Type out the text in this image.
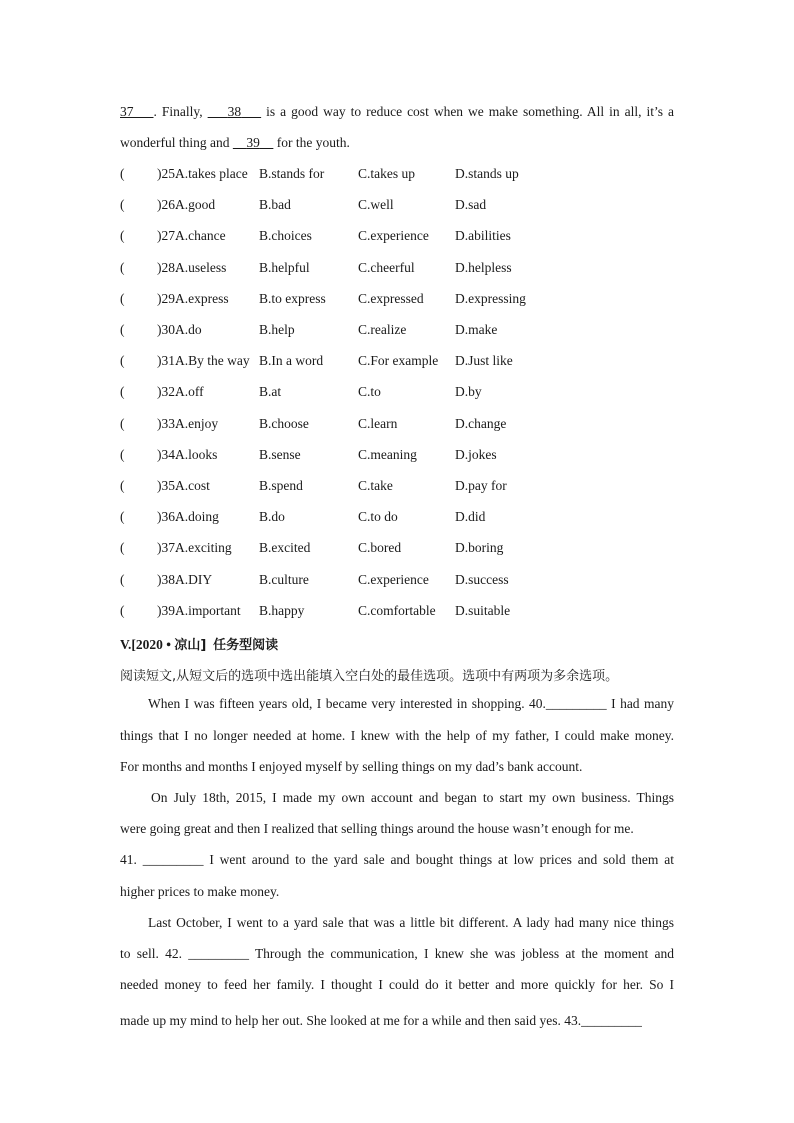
37 . Finally,     38     is a good way to reduce cost when we make something. All in all, it’s a
wonderful thing and     39     for the youth.
( )25.
A.takes place B.stands for	C.takes up	D.stands up
( )26.
A.good	B.bad	C.well	D.sad
( )27.
A.chance B.choices	C.experience D.abilities
( )28.
A.useless B.helpful	C.cheerful	D.helpless
( )29.
A.express B.to express C.expressed D.expressing
( )30.
A.do	B.help	C.realize	D.make
( )31.
A.By the way B.In a word	C.For example D.Just like
( )32.
A.off	B.at	C.to	D.by
( )33.
A.enjoy	B.choose	C.learn	D.change
( )34.
A.looks	B.sense	C.meaning	D.jokes
( )35.
A.cost	B.spend	C.take	D.pay for
( )36.
A.doing	B.do	C.to do	D.did
( )37.
A.exciting B.excited	C.bored	D.boring
( )38.
A.DIY	B.culture	C.experience D.success
( )39.
A.important B.happy	C.comfortable D.suitable
V.[2020 • 凉山] 任务型阅读
阅读短文,从短文后的选项中选出能填入空白处的最佳选项。选项中有两项为多余选项。
When I was fifteen years old, I became very interested in shopping. 40._________ I had many
things that I no longer needed at home. I knew with the help of my father, I could make money.
For months and months I enjoyed myself by selling things on my dad’s bank account.
On July 18th, 2015, I made my own account and began to start my own business. Things
were going great and then I realized that selling things around the house wasn’t enough for me.
41. _________ I went around to the yard sale and bought things at low prices and sold them at
higher prices to make money.
Last October, I went to a yard sale that was a little bit different. A lady had many nice things
to sell. 42. _________ Through the communication, I knew she was jobless at the moment and
needed money to feed her family. I thought I could do it better and more quickly for her. So I
made up my mind to help her out. She looked at me for a while and then said yes. 43._________
